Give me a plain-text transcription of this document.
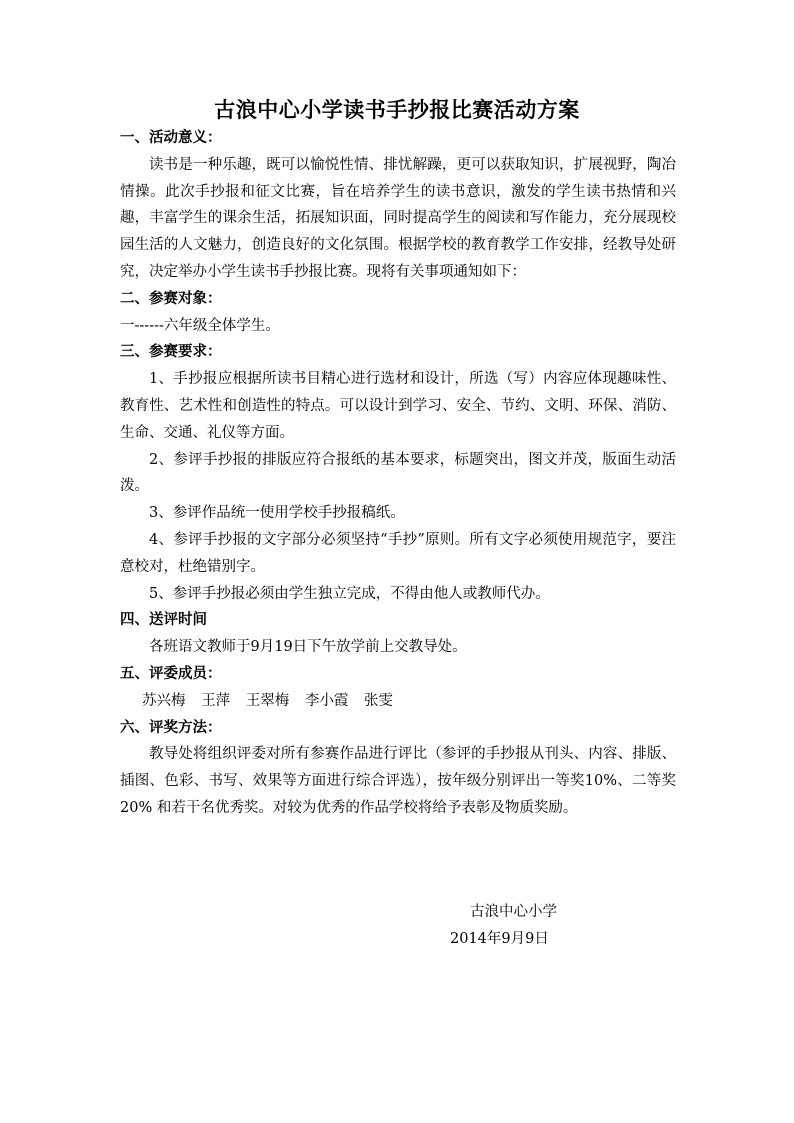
古浪中心小学读书手抄报比赛活动方案

一、活动意义：

读书是一种乐趣，既可以愉悦性情、排忧解躁，更可以获取知识，扩展视野，陶冶情操。此次手抄报和征文比赛，旨在培养学生的读书意识，激发的学生读书热情和兴趣，丰富学生的课余生活，拓展知识面，同时提高学生的阅读和写作能力，充分展现校园生活的人文魅力，创造良好的文化氛围。根据学校的教育教学工作安排，经教导处研究，决定举办小学生读书手抄报比赛。现将有关事项通知如下：

二、参赛对象：

一------六年级全体学生。

三、参赛要求：

1、手抄报应根据所读书目精心进行选材和设计，所选（写）内容应体现趣味性、教育性、艺术性和创造性的特点。可以设计到学习、安全、节约、文明、环保、消防、生命、交通、礼仪等方面。

2、参评手抄报的排版应符合报纸的基本要求，标题突出，图文并茂，版面生动活泼。

3、参评作品统一使用学校手抄报稿纸。

4、参评手抄报的文字部分必须坚持“手抄”原则。所有文字必须使用规范字，要注意校对，杜绝错别字。

5、参评手抄报必须由学生独立完成，不得由他人或教师代办。

四、送评时间

各班语文教师于9月19日下午放学前上交教导处。

五、评委成员：

苏兴梅 王萍 王翠梅 李小霞 张雯

六、评奖方法：

教导处将组织评委对所有参赛作品进行评比（参评的手抄报从刊头、内容、排版、插图、色彩、书写、效果等方面进行综合评选），按年级分别评出一等奖10%、二等奖20% 和若干名优秀奖。对较为优秀的作品学校将给予表彰及物质奖励。

古浪中心小学
2014年9月9日
